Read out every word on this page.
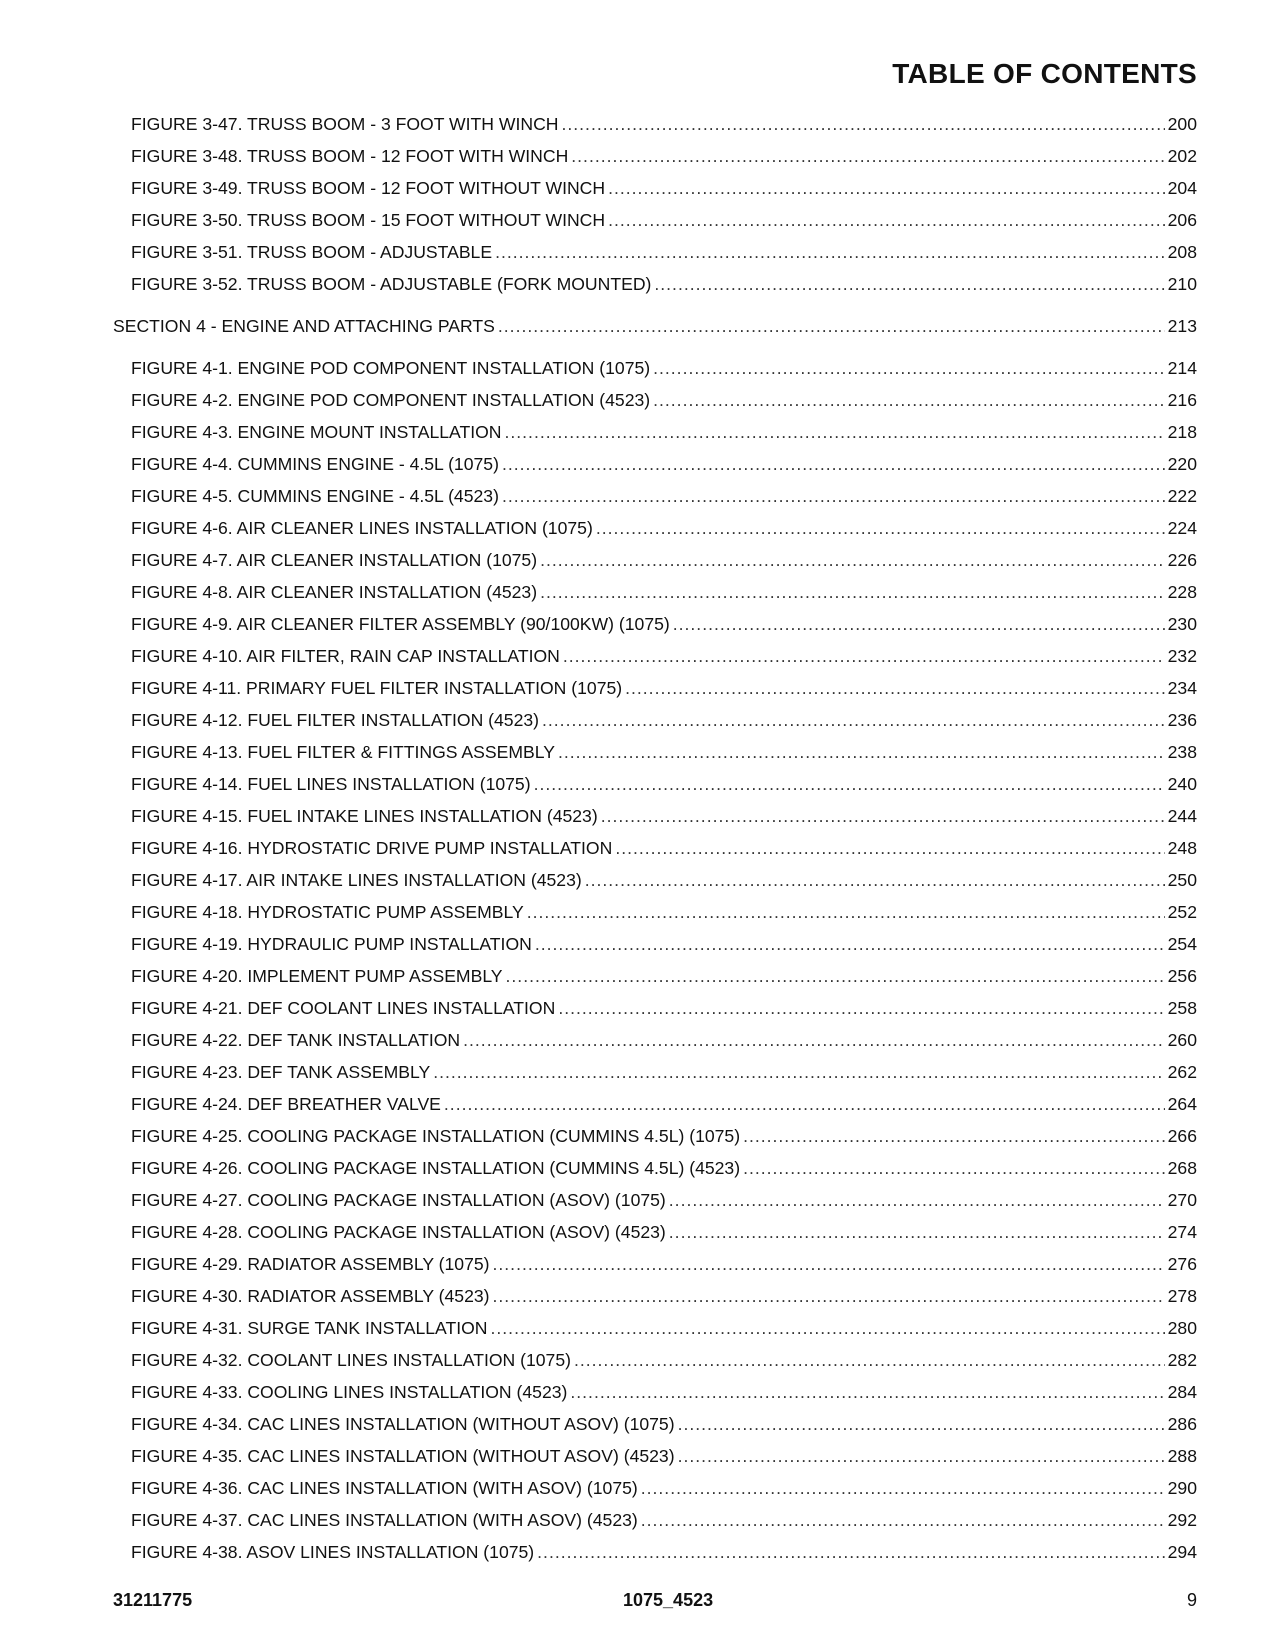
TABLE OF CONTENTS
FIGURE 3-47. TRUSS BOOM - 3 FOOT WITH WINCH .....	200
FIGURE 3-48. TRUSS BOOM - 12 FOOT WITH WINCH .....	202
FIGURE 3-49. TRUSS BOOM - 12 FOOT WITHOUT WINCH .....	204
FIGURE 3-50. TRUSS BOOM - 15 FOOT WITHOUT WINCH .....	206
FIGURE 3-51. TRUSS BOOM - ADJUSTABLE .....	208
FIGURE 3-52. TRUSS BOOM - ADJUSTABLE (FORK MOUNTED) .....	210
SECTION 4 - ENGINE AND ATTACHING PARTS .....	213
FIGURE 4-1. ENGINE POD COMPONENT INSTALLATION (1075) .....	214
FIGURE 4-2. ENGINE POD COMPONENT INSTALLATION (4523) .....	216
FIGURE 4-3. ENGINE MOUNT INSTALLATION .....	218
FIGURE 4-4. CUMMINS ENGINE - 4.5L (1075) .....	220
FIGURE 4-5. CUMMINS ENGINE - 4.5L (4523) .....	222
FIGURE 4-6. AIR CLEANER LINES INSTALLATION (1075) .....	224
FIGURE 4-7. AIR CLEANER INSTALLATION (1075) .....	226
FIGURE 4-8. AIR CLEANER INSTALLATION (4523) .....	228
FIGURE 4-9. AIR CLEANER FILTER ASSEMBLY (90/100KW) (1075) .....	230
FIGURE 4-10. AIR FILTER, RAIN CAP INSTALLATION .....	232
FIGURE 4-11. PRIMARY FUEL FILTER INSTALLATION (1075) .....	234
FIGURE 4-12. FUEL FILTER INSTALLATION (4523) .....	236
FIGURE 4-13. FUEL FILTER & FITTINGS ASSEMBLY .....	238
FIGURE 4-14. FUEL LINES INSTALLATION (1075) .....	240
FIGURE 4-15. FUEL INTAKE LINES INSTALLATION (4523) .....	244
FIGURE 4-16. HYDROSTATIC DRIVE PUMP INSTALLATION .....	248
FIGURE 4-17. AIR INTAKE LINES INSTALLATION (4523) .....	250
FIGURE 4-18. HYDROSTATIC PUMP ASSEMBLY .....	252
FIGURE 4-19. HYDRAULIC PUMP INSTALLATION .....	254
FIGURE 4-20. IMPLEMENT PUMP ASSEMBLY .....	256
FIGURE 4-21. DEF COOLANT LINES INSTALLATION .....	258
FIGURE 4-22. DEF TANK INSTALLATION .....	260
FIGURE 4-23. DEF TANK ASSEMBLY .....	262
FIGURE 4-24. DEF BREATHER VALVE .....	264
FIGURE 4-25. COOLING PACKAGE INSTALLATION (CUMMINS 4.5L) (1075) .....	266
FIGURE 4-26. COOLING PACKAGE INSTALLATION (CUMMINS 4.5L) (4523) .....	268
FIGURE 4-27. COOLING PACKAGE INSTALLATION (ASOV) (1075) .....	270
FIGURE 4-28. COOLING PACKAGE INSTALLATION (ASOV) (4523) .....	274
FIGURE 4-29. RADIATOR ASSEMBLY (1075) .....	276
FIGURE 4-30. RADIATOR ASSEMBLY (4523) .....	278
FIGURE 4-31. SURGE TANK INSTALLATION .....	280
FIGURE 4-32. COOLANT LINES INSTALLATION (1075) .....	282
FIGURE 4-33. COOLING LINES INSTALLATION (4523) .....	284
FIGURE 4-34. CAC LINES INSTALLATION (WITHOUT ASOV) (1075) .....	286
FIGURE 4-35. CAC LINES INSTALLATION (WITHOUT ASOV) (4523) .....	288
FIGURE 4-36. CAC LINES INSTALLATION (WITH ASOV) (1075) .....	290
FIGURE 4-37. CAC LINES INSTALLATION (WITH ASOV) (4523) .....	292
FIGURE 4-38. ASOV LINES INSTALLATION (1075) .....	294
31211775	1075_4523	9
